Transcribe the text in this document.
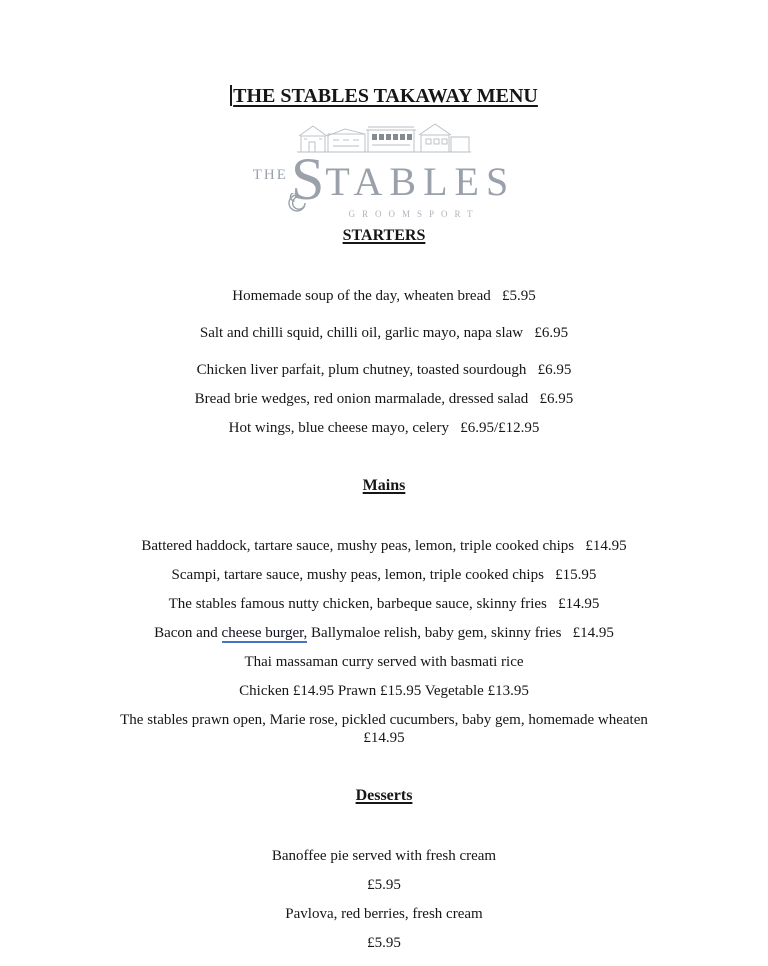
THE STABLES TAKAWAY MENU
THE S TABLES
GROOMSPORT
STARTERS
Homemade soup of the day, wheaten bread   £5.95
Salt and chilli squid, chilli oil, garlic mayo, napa slaw   £6.95
Chicken liver parfait, plum chutney, toasted sourdough   £6.95
Bread brie wedges, red onion marmalade, dressed salad   £6.95
Hot wings, blue cheese mayo, celery   £6.95/£12.95
Mains
Battered haddock, tartare sauce, mushy peas, lemon, triple cooked chips   £14.95
Scampi, tartare sauce, mushy peas, lemon, triple cooked chips   £15.95
The stables famous nutty chicken, barbeque sauce, skinny fries   £14.95
Bacon and cheese burger, Ballymaloe relish, baby gem, skinny fries   £14.95
Thai massaman curry served with basmati rice
Chicken £14.95 Prawn £15.95 Vegetable £13.95
The stables prawn open, Marie rose, pickled cucumbers, baby gem, homemade wheaten
£14.95
Desserts
Banoffee pie served with fresh cream
£5.95
Pavlova, red berries, fresh cream
£5.95
